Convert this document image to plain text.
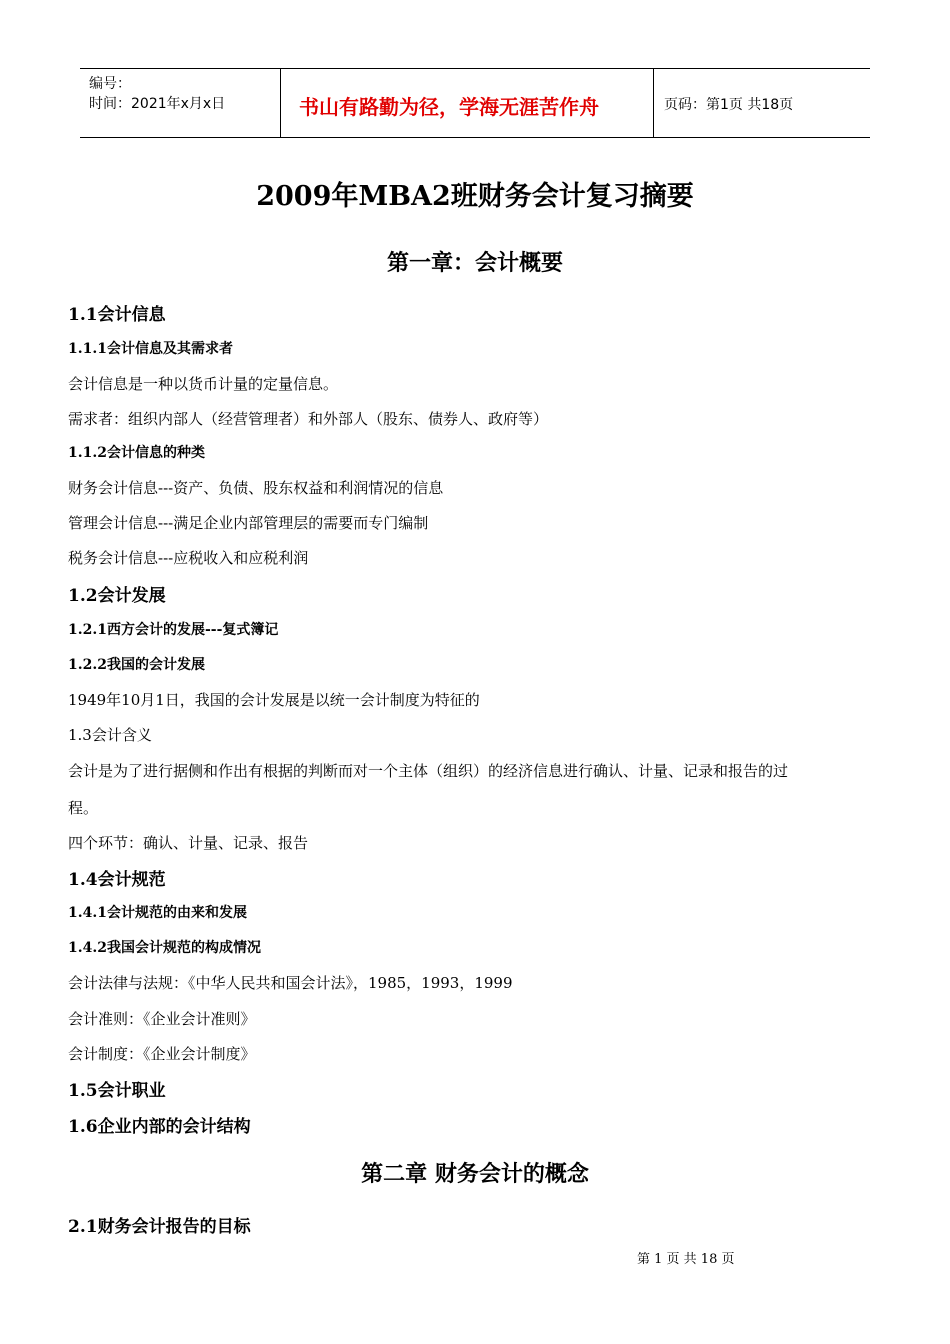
编号：
时间：2021年x月x日	书山有路勤为径，学海无涯苦作舟	页码：第1页 共18页
2009年MBA2班财务会计复习摘要
第一章：会计概要
1.1会计信息
1.1.1会计信息及其需求者
会计信息是一种以货币计量的定量信息。
需求者：组织内部人（经营管理者）和外部人（股东、债券人、政府等）
1.1.2会计信息的种类
财务会计信息---资产、负债、股东权益和利润情况的信息
管理会计信息---满足企业内部管理层的需要而专门编制
税务会计信息---应税收入和应税利润
1.2会计发展
1.2.1西方会计的发展---复式簿记
1.2.2我国的会计发展
1949年10月1日，我国的会计发展是以统一会计制度为特征的
1.3会计含义
会计是为了进行据侧和作出有根据的判断而对一个主体（组织）的经济信息进行确认、计量、记录和报告的过
程。
四个环节：确认、计量、记录、报告
1.4会计规范
1.4.1会计规范的由来和发展
1.4.2我国会计规范的构成情况
会计法律与法规：《中华人民共和国会计法》，1985，1993，1999
会计准则：《企业会计准则》
会计制度：《企业会计制度》
1.5会计职业
1.6企业内部的会计结构
第二章 财务会计的概念
2.1财务会计报告的目标
第 1 页 共 18 页
